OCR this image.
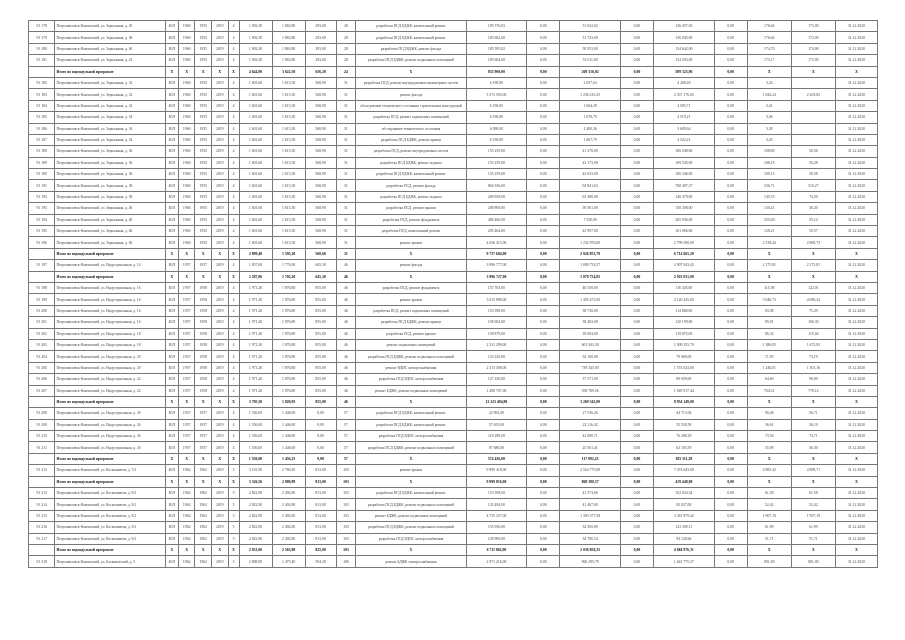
91 178	Петропавловск-Камчатский, ул. Зеркальная, д. 30	ЮЛ	1960	1955	2019	4	1 902,30	1 863,80	293,00	28	разработка ПСД БДЖК, капитальный ремонт	185 576,03	0,00	51 632,02	0,00	136 457,02	0,00	176,64	173,00	31.12.2020
91 179	Петропавловск-Камчатский, ул. Зеркальная, д. 38	ЮЛ	1960	1955	2019	4	1 902,30	1 863,80	293,00	28	разработка ПСД БДЖК, капитальный ремонт	185 602,00	0,00	51 723,00	0,00	136 045,00	0,00	176,64	173,00	31.12.2020
91 180	Петропавловск-Камчатский, ул. Зеркальная, д. 40	ЮЛ	1960	1955	2019	4	1 902,30	1 863,80	293,00	28	разработка ПСД ВДЖК, ремонт фасада	185 595,82	0,00	50 953,00	0,00	134 642,00	0,00	174,70	174,00	31.12.2020
91 181	Петропавловск-Камчатский, ул. Зеркальная, д. 42	ЮЛ	1960	1955	2019	4	1 902,30	1 863,80	293,00	28	разработка ПСД БДЖК, ремонт подвальных помещений	185 604,00	0,00	51 011,00	0,00	134 593,00	0,00	173,17	173,00	31.12.2020
	Итого по подмодульной программе	Х	Х	Х	Х	Х	4 644,90	3 622,50	656,20	24	Х	833 960,00	0,00	269 316,02	0,00	589 325,96	0,00	Х	Х	Х
91 182	Петропавловск-Камчатский, ул. Зеркальная, д. 32	ЮЛ	1960	1955	2019	4	1 601,60	1 615,30	568,90	31	разработка ПСД, ремонт внутридомовых инженерных систем	6 190,00	0,00	2 057,63	0,00	4 408,49	0,00	3,24		31.12.2020
91 183	Петропавловск-Камчатский, ул. Зеркальная, д. 32	ЮЛ	1960	1955	2019	4	1 601,60	1 615,30	568,90	31	ремонт фасада	3 573 593,00	0,00	1 236 416,35	0,00	2 337 176,65	0,00	1 844,24	2 203,82	31.12.2020
91 184	Петропавловск-Камчатский, ул. Зеркальная, д. 32	ЮЛ	1960	1955	2019	4	1 601,60	1 615,30	568,90	31	обследование технического состояния строительных конструкций	6 190,00	0,00	1 604,29	0,00	4 585,71	0,00	3,41		31.12.2020
91 185	Петропавловск-Камчатский, ул. Зеркальная, д. 34	ЮЛ	1960	1955	2019	4	1 601,60	1 615,30	568,90	31	разработка ПСД, ремонт подвальных помещений	6 190,00	0,00	1 670,79	0,00	4 519,21	0,00	3,46		31.12.2020
91 186	Петропавловск-Камчатский, ул. Зеркальная, д. 34	ЮЛ	1960	1955	2019	4	1 601,60	1 615,30	568,90	31	обследование технического состояния	6 090,00	0,00	2 400,36	0,00	3 689,64	0,00	3,38		31.12.2020
91 187	Петропавловск-Камчатский, ул. Зеркальная, д. 34	ЮЛ	1960	1955	2019	4	1 601,60	1 615,30	568,90	31	разработка ПСД БДЖК, ремонт крыши	6 190,00	0,00	1 667,79	0,00	4 522,21	0,00	3,45		31.12.2020
91 188	Петропавловск-Камчатский, ул. Зеркальная, д. 36	ЮЛ	1960	1955	2019	4	1 601,60	1 615,30	568,90	31	разработка ПСД, ремонт внутридомовых систем	155 259,00	0,00	41 270,00	0,00	106 048,00	0,00	108,80	50,56	31.12.2020
91 189	Петропавловск-Камчатский, ул. Зеркальная, д. 36	ЮЛ	1960	1955	2019	4	1 601,60	1 615,30	568,90	31	разработка ПСД БДЖК, ремонт подвала	155 259,00	0,00	43 173,00	0,00	109 545,00	0,00	108,19	50,28	31.12.2020
91 190	Петропавловск-Камчатский, ул. Зеркальная, д. 36	ЮЛ	1960	1955	2019	4	1 601,60	1 615,30	568,90	31	разработка ПСД БДЖК, капитальный ремонт	155 259,00	0,00	43 033,00	0,00	106 346,00	0,00	109,13	50,58	31.12.2020
91 191	Петропавловск-Камчатский, ул. Зеркальная, д. 38	ЮЛ	1960	1955	2019	4	1 601,60	1 615,30	568,90	31	разработка ПСД, ремонт фасада	864 336,00	0,00	94 841,63	0,00	768 487,37	0,00	536,71	510,27	31.12.2020
91 192	Петропавловск-Камчатский, ул. Зеркальная, д. 38	ЮЛ	1960	1955	2019	4	1 601,60	1 615,30	568,90	31	разработка ПСД БДЖК, ремонт подвала	209 859,00	0,00	63 380,00	0,00	146 479,00	0,00	145,53	74,50	31.12.2020
91 193	Петропавловск-Камчатский, ул. Зеркальная, д. 40	ЮЛ	1960	1955	2019	4	1 601,60	1 615,30	568,90	31	разработка ПСД, ремонт крыши	208 869,00	0,00	58 561,00	0,00	150 308,00	0,00	130,41	30,20	31.12.2020
91 194	Петропавловск-Камчатский, ул. Зеркальная, д. 40	ЮЛ	1960	1955	2019	4	1 601,60	1 615,30	568,90	31	разработка ПСД, ремонт фундамента	408 466,00	0,00	7 530,00	0,00	305 936,00	0,00	255,00	55,14	31.12.2020
91 195	Петропавловск-Камчатский, ул. Зеркальная, д. 40	ЮЛ	1960	1955	2019	4	1 601,60	1 615,30	568,90	31	разработка ПСД, капитальный ремонт	205 464,00	0,00	43 997,00	0,00	161 066,00	0,00	128,21	59,57	31.12.2020
91 196	Петропавловск-Камчатский, ул. Зеркальная, д. 40	ЮЛ	1960	1955	2019	4	1 601,60	1 615,30	568,90	31	ремонт крыши	4 036 415,00	0,00	1 232 976,00	0,00	2 799 590,00	0,00	2 518,44	2 869,73	31.12.2020
	Итого по подмодульной программе	Х	Х	Х	Х	Х	2 899,40	1 595,20	568,60	31	Х	9 737 604,00	0,00	2 926 853,79	0,00	6 714 665,20	0,00	Х	Х	Х
91 197	Петропавловск-Камчатский, ул. Индустриальная, д. 14	ЮЛ	1957	1957	2019	4	1 837,00	1 776,30	645,30	46	ремонт фасада	3 996 777,00	0,00	1 089 733,57	0,00	2 907 043,43	0,00	2 175,81	2 175,81	31.12.2020
	Итого по подмодульной программе	Х	Х	Х	Х	Х	2 297,06	1 702,20	645,30	46	Х	3 996 727,00	0,00	1 070 754,85	0,00	2 925 031,00	0,00	Х	Х	Х
91 198	Петропавловск-Камчатский, ул. Индустриальная, д. 16	ЮЛ	1957	1958	2019	4	1 971,20	1 876,80	855,00	46	разработка ПСД, ремонт фундамента	157 703,00	0,00	40 358,00	0,00	116 345,00	0,00	115,58	122,01	31.12.2020
91 199	Петропавловск-Камчатский, ул. Индустриальная, д. 16	ЮЛ	1957	1958	2019	4	1 971,20	1 876,80	855,00	46	ремонт крыши	5 615 898,00	0,00	1 495 473,00	0,00	4 120 425,00	0,00	3 046,73	4 096,24	31.12.2020
91 200	Петропавловск-Камчатский, ул. Индустриальная, д. 16	ЮЛ	1957	1958	2019	4	1 971,20	1 876,80	855,00	46	разработка ПСД, ремонт подвальных помещений	153 598,00	0,00	38 730,00	0,00	114 868,00	0,00	83,38	75,29	31.12.2020
91 201	Петропавловск-Камчатский, ул. Индустриальная, д. 16	ЮЛ	1957	1958	2019	4	1 971,20	1 876,80	855,00	46	разработка ПСД БДЖК, ремонт крыши	158 602,00	0,00	38 403,00	0,00	120 199,00	0,00	85,91	106,35	31.12.2020
91 202	Петропавловск-Камчатский, ул. Индустриальная, д. 18	ЮЛ	1957	1958	2019	4	1 971,20	1 876,80	855,00	46	разработка ПСД, ремонт крыши	158 879,00	0,00	39 004,00	0,00	119 875,00	0,00	86,32	115,04	31.12.2020
91 203	Петропавловск-Камчатский, ул. Индустриальная, д. 18	ЮЛ	1957	1958	2019	4	1 971,20	1 876,80	855,00	46	ремонт подвальных помещений	2 511 299,00	0,00	601 943,30	0,00	1 909 355,70	0,00	1 386,05	1 673,92	31.12.2020
91 204	Петропавловск-Камчатский, ул. Индустриальная, д. 20	ЮЛ	1957	1958	2019	4	1 971,20	1 876,80	855,00	46	разработка ПСД БДЖК, ремонт подвальных помещений	133 229,00	0,00	54 160,00	0,00	79 069,00	0,00	71,95	73,19	31.12.2020
91 205	Петропавловск-Камчатский, ул. Индустриальная, д. 20	ЮЛ	1957	1958	2019	4	1 971,20	1 876,80	855,00	46	ремонт ВДИС электроснабжения	2 313 368,00	0,00	739 345,00	0,00	1 574 023,00	0,00	1 246,01	1 301,16	31.12.2020
91 206	Петропавловск-Камчатский, ул. Индустриальная, д. 22	ЮЛ	1957	1958	2019	4	1 971,20	1 876,80	855,00	46	разработка ПСД ВДИС электроснабжения	127 230,00	0,00	37 571,00	0,00	89 659,00	0,00	64,60	90,00	31.12.2020
91 207	Петропавловск-Камчатский, ул. Индустриальная, д. 22	ЮЛ	1957	1958	2019	4	1 971,20	1 876,80	855,00	46	ремонт БДЖК, ремонт подвальных помещений	1 408 707,00	0,00	358 789,56	0,00	1 049 917,44	0,00	764,31	778,14	31.12.2020
	Итого по подмодульной программе	Х	Х	Х	Х	Х	3 705,50	1 820,95	855,00	46	Х	12 223 494,00	0,00	3 269 345,00	0,00	8 954 149,00	0,00	Х	Х	Х
91 208	Петропавловск-Камчатский, ул. Индустриальная, д. 26	ЮЛ	1957	1957	2019	4	1 556,00	1 446,00	0,00	57	разработка ПСД БДЖК, капитальный ремонт	22 992,00	0,00	27 536,26	0,00	44 713,04	0,00	90,46	56,71	31.12.2020
91 209	Петропавловск-Камчатский, ул. Индустриальная, д. 26	ЮЛ	1957	1957	2019	4	1 556,00	1 446,00	0,00	57	разработка ПСД БДЖК, капитальный ремонт	57 655,00	0,00	22 116,42	0,00	35 538,58	0,00	36,61	36,19	31.12.2020
91 210	Петропавловск-Камчатский, ул. Индустриальная, д. 26	ЮЛ	1957	1957	2019	4	1 556,00	1 446,00	0,00	57	разработка ПСД ВДИС электроснабжения	118 289,00	0,00	42 080,71	0,00	76 208,29	0,00	73,56	74,71	31.12.2020
91 211	Петропавловск-Камчатский, ул. Индустриальная, д. 26	ЮЛ	1957	1957	2019	4	1 556,00	1 446,00	0,00	57	разработка ПСД БДЖК, ремонт подвальных помещений	87 686,00	0,00	25 561,41	0,00	62 105,59	0,00	55,99	56,30	31.12.2020
	Итого по подмодульной программе	Х	Х	Х	Х	Х	1 556,00	1 456,25	0,00	57	Х	574 426,00	0,00	117 092,25	0,00	385 311,28	0,00	Х	Х	Х
91 212	Петропавловск-Камчатский, ул. Космонавтов, д. 7/2	ЮЛ	1962	1962	2019	5	3 101,90	2 760,20	813,00	103	ремонт крыши	9 999 418,00	0,00	2 524 775,00	0,00	7 474 643,00	0,00	4 895,42	4 899,71	31.12.2020
	Итого по подмодульной программе	Х	Х	Х	Х	Х	3 326,56	2 809,89	813,00	103	Х	9 999 816,00	0,00	868 380,57	0,00	419 440,00	0,00	Х	Х	Х
91 213	Петропавловск-Камчатский, ул. Космонавтов, д. 9/2	ЮЛ	1962	1962	2019	5	2 822,90	2 492,80	813,00	103	разработка ПСД БДЖК, капитальный ремонт	153 598,00	0,00	41 573,66	0,00	102 024,34	0,00	61,58	61,58	31.12.2020
91 214	Петропавловск-Камчатский, ул. Космонавтов, д. 9/2	ЮЛ	1962	1962	2019	5	2 822,90	2 492,80	813,00	103	разработка ПСД БДЖК, ремонт подвальных помещений	133 494,00	0,00	41 467,00	0,00	92 027,00	0,00	52,42	52,42	31.12.2020
91 215	Петропавловск-Камчатский, ул. Космонавтов, д. 9/2	ЮЛ	1962	1962	2019	5	2 822,90	2 492,80	813,00	103	ремонт БДЖК, ремонт подвальных помещений	4 755 257,00	0,00	1 393 377,58	0,00	3 361 879,42	0,00	1 907,19	1 907,19	31.12.2020
91 216	Петропавловск-Камчатский, ул. Космонавтов, д. 9/2	ЮЛ	1962	1962	2019	5	2 822,90	2 492,80	813,00	103	разработка ПСД БДЖК, ремонт подвальных помещений	155 956,00	0,00	32 565,89	0,00	123 390,11	0,00	61,99	61,99	31.12.2020
91 217	Петропавловск-Камчатский, ул. Космонавтов, д. 9/2	ЮЛ	1962	1962	2019	5	2 822,90	2 492,80	813,00	103	разработка ПСД ВДИС электроснабжения	128 909,00	0,00	34 780,34	0,00	94 128,66	0,00	51,71	51,71	31.12.2020
	Итого по подмодульной программе	Х	Х	Х	Х	Х	2 931,00	2 563,80	825,00	103	Х	6 711 862,00	0,00	2 036 856,35	0,00	4 684 976,31	0,00	Х	Х	Х
91 218	Петропавловск-Камчатский, ул. Ботанический, д. 5	ЮЛ	1962	1962	2019	5	2 808,90	1 475,40	594,30	186	ремонт БДЖК электроснабжения	2 971 216,00	0,00	960 295,79	0,00	1 641 775,37	0,00	891,00	801,00	31.12.2020
